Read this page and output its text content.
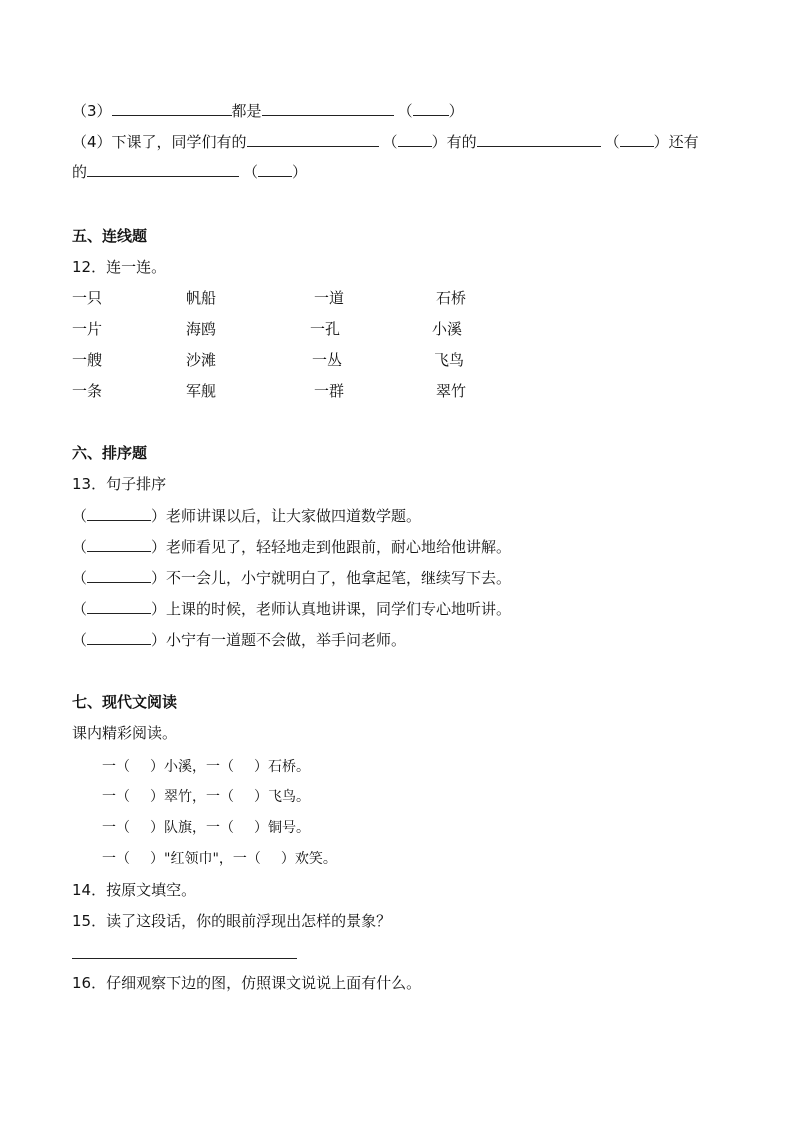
（3）	都是	（ ）
（4）下课了，同学们有的	（ ）有的	（ ）还有
的	（ ）
五、连线题
12．连一连。
一只	帆船	一道	石桥
一片	海鸥	一孔	小溪
一艘	沙滩	一丛	飞鸟
一条	军舰	一群	翠竹
六、排序题
13．句子排序
（	）老师讲课以后，让大家做四道数学题。
（	）老师看见了，轻轻地走到他跟前，耐心地给他讲解。
（	）不一会儿，小宁就明白了，他拿起笔，继续写下去。
（	）上课的时候，老师认真地讲课，同学们专心地听讲。
（	）小宁有一道题不会做，举手问老师。
七、现代文阅读
课内精彩阅读。
一（ ）小溪，一（ ）石桥。
一（ ）翠竹，一（ ）飞鸟。
一（ ）队旗，一（ ）铜号。
一（ ）"红领巾"，一（ ）欢笑。
14．按原文填空。
15．读了这段话，你的眼前浮现出怎样的景象？
16．仔细观察下边的图，仿照课文说说上面有什么。
